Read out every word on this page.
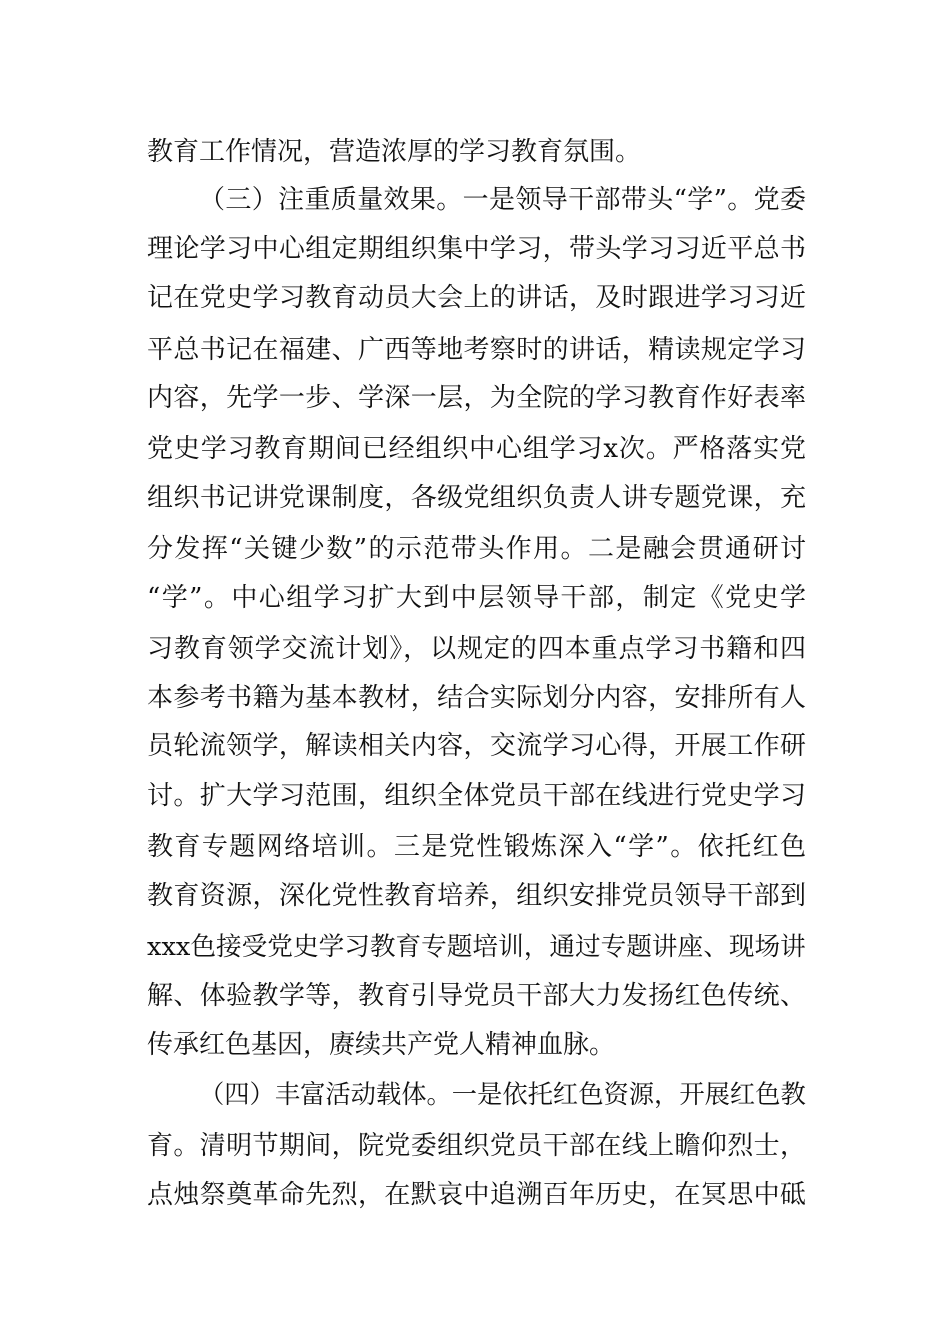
教育工作情况，营造浓厚的学习教育氛围。
（三）注重质量效果。一是领导干部带头“学”。党委
理论学习中心组定期组织集中学习，带头学习习近平总书
记在党史学习教育动员大会上的讲话，及时跟进学习习近
平总书记在福建、广西等地考察时的讲话，精读规定学习
内容，先学一步、学深一层，为全院的学习教育作好表率
党史学习教育期间已经组织中心组学习x次。严格落实党
组织书记讲党课制度，各级党组织负责人讲专题党课，充
分发挥“关键少数”的示范带头作用。二是融会贯通研讨
“学”。中心组学习扩大到中层领导干部，制定《党史学
习教育领学交流计划》，以规定的四本重点学习书籍和四
本参考书籍为基本教材，结合实际划分内容，安排所有人
员轮流领学，解读相关内容，交流学习心得，开展工作研
讨。扩大学习范围，组织全体党员干部在线进行党史学习
教育专题网络培训。三是党性锻炼深入“学”。依托红色
教育资源，深化党性教育培养，组织安排党员领导干部到
xxx色接受党史学习教育专题培训，通过专题讲座、现场讲
解、体验教学等，教育引导党员干部大力发扬红色传统、
传承红色基因，赓续共产党人精神血脉。
（四）丰富活动载体。一是依托红色资源，开展红色教
育。清明节期间，院党委组织党员干部在线上瞻仰烈士，
点烛祭奠革命先烈，在默哀中追溯百年历史，在冥思中砥
